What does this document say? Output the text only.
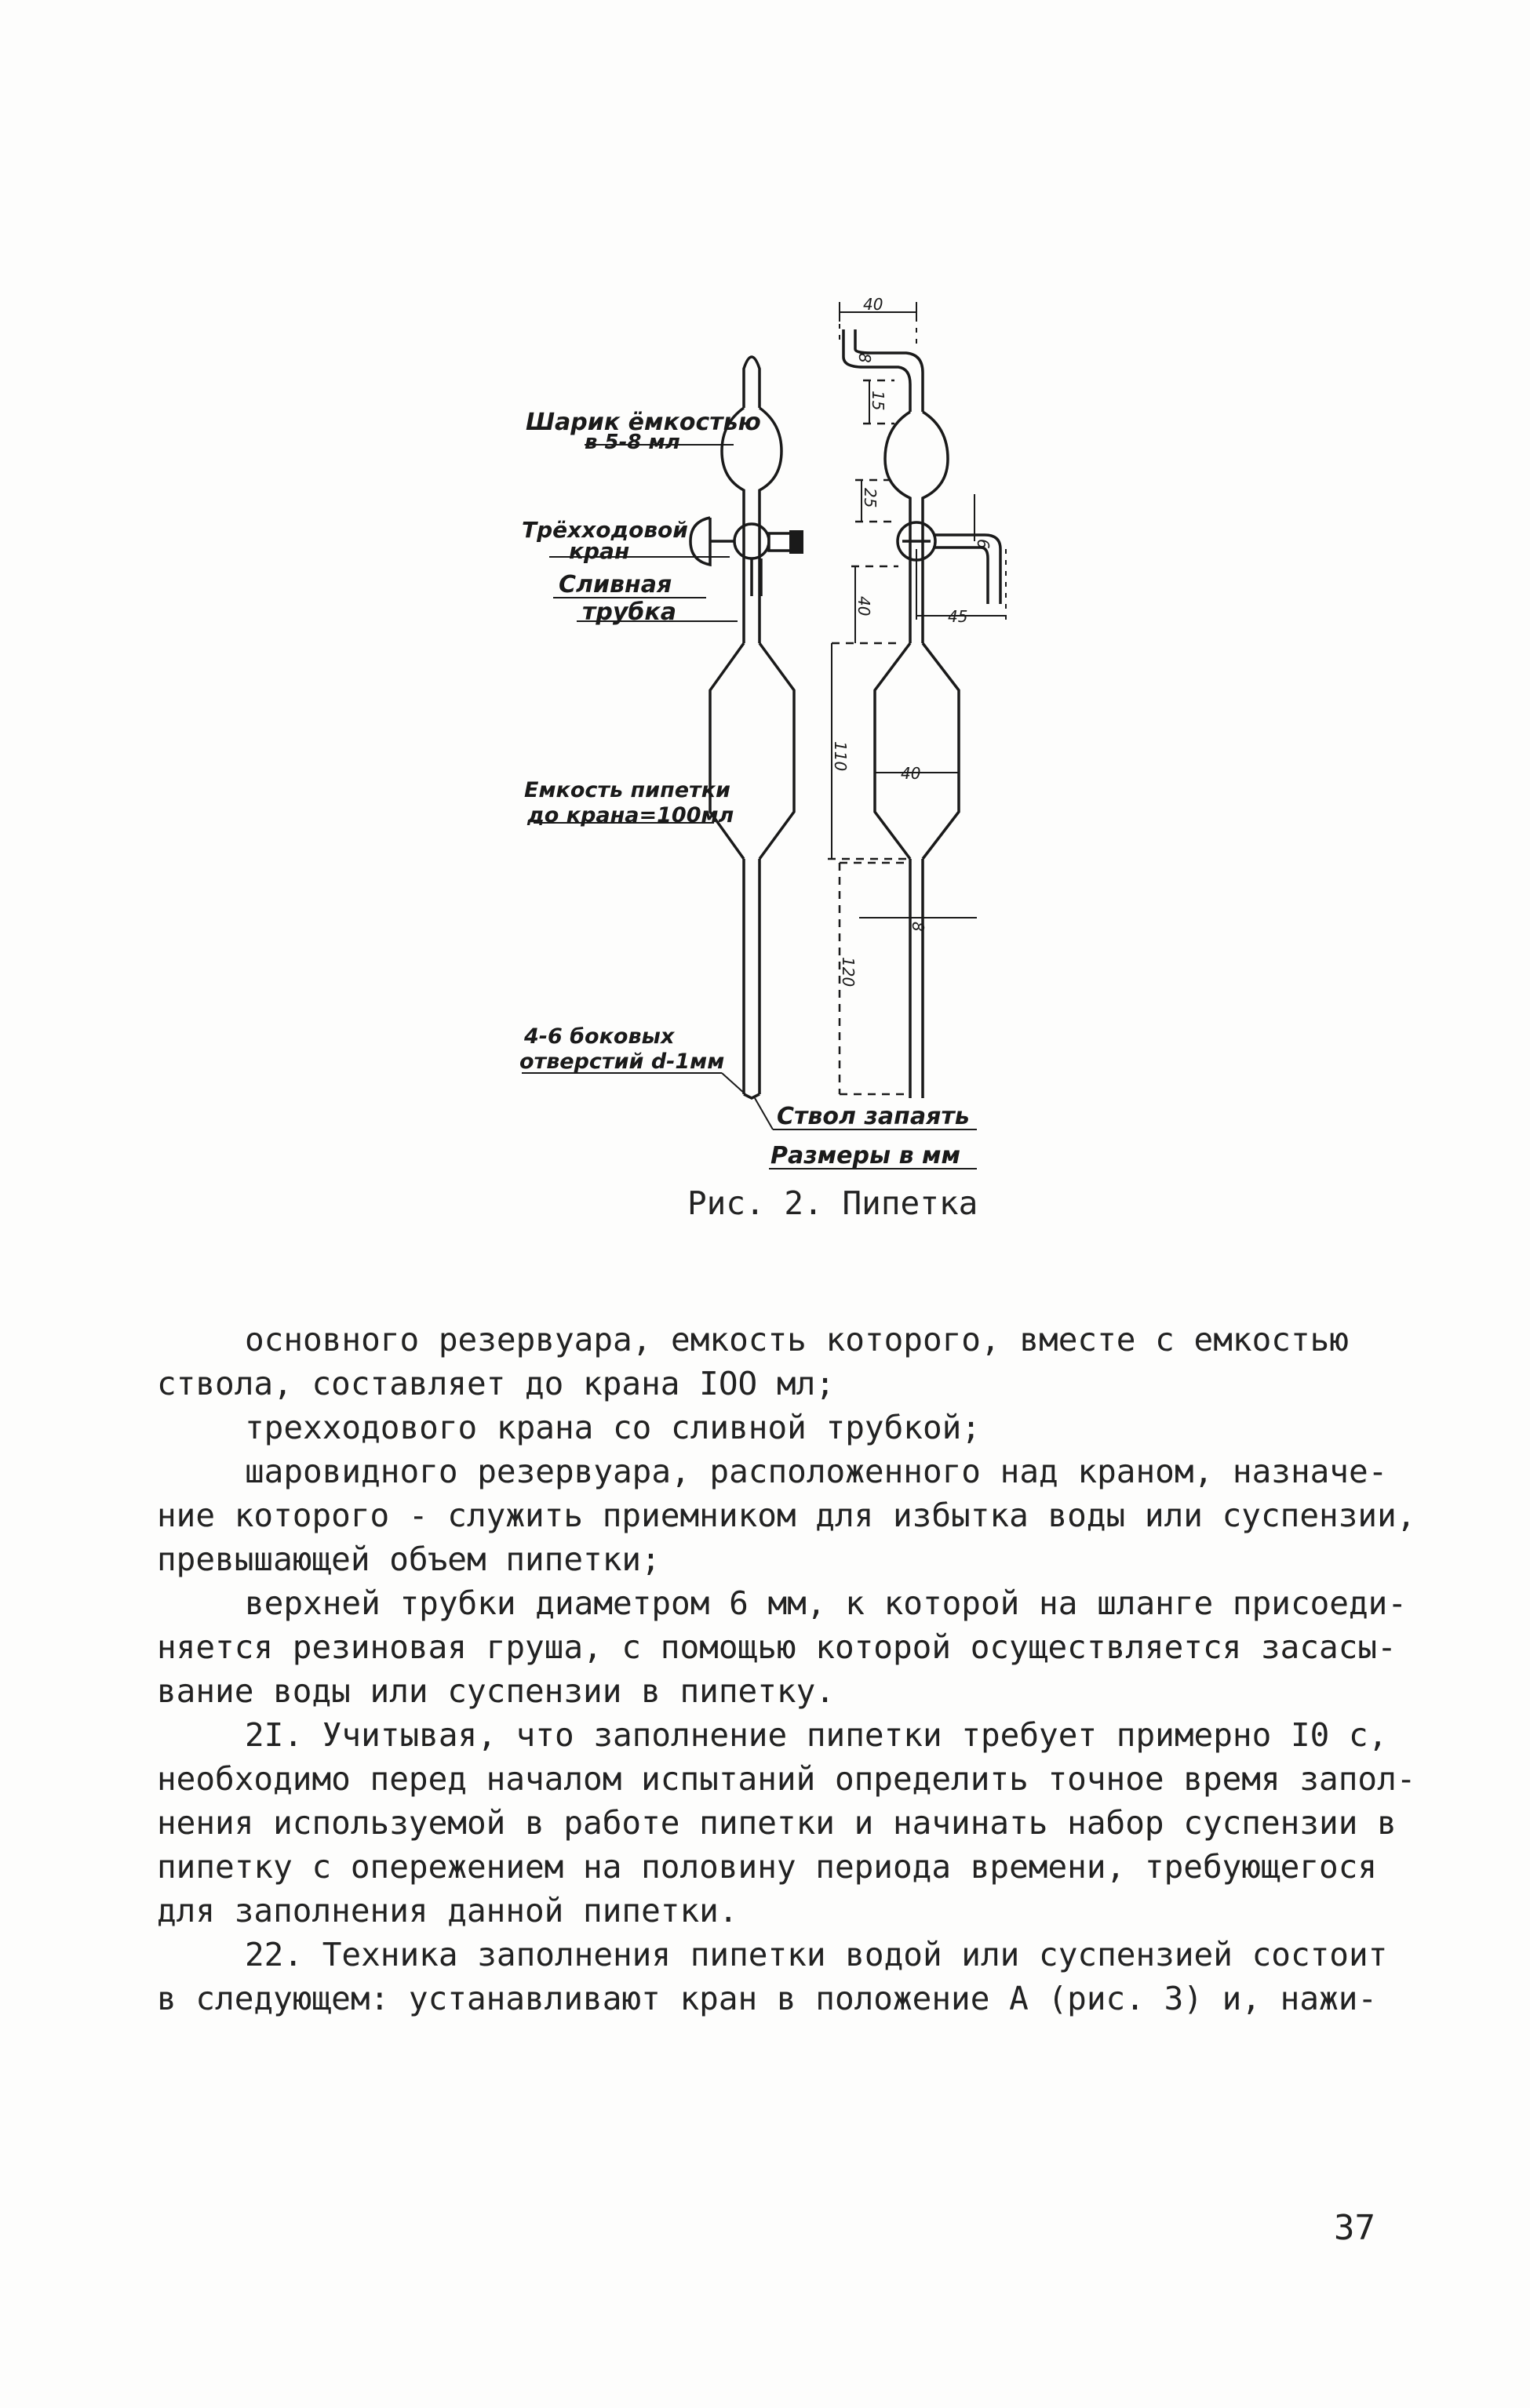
Шарик ёмкостью
в 5-8 мл
Трёхходовой
кран
Сливная
трубка
Емкость пипетки
до крана=100мл
4-6 боковых
отверстий d-1мм
Ствол запаять
Размеры в мм
40
8
15
25
40
45
6
110
40
120
8
Рис. 2. Пипетка

основного резервуара, емкость которого, вместе с емкостью

ствола, составляет до крана IOO мл;

трехходового крана со сливной трубкой;

шаровидного резервуара, расположенного над краном, назначе-

ние которого - служить приемником для избытка воды или суспензии,

превышающей объем пипетки;

верхней трубки диаметром 6 мм, к которой на шланге присоеди-

няется резиновая груша, с помощью которой осуществляется засасы-

вание воды или суспензии в пипетку.

2I. Учитывая, что заполнение пипетки требует примерно I0 с,

необходимо перед началом испытаний определить точное время запол-

нения используемой в работе пипетки и начинать набор суспензии в

пипетку с опережением на половину периода времени, требующегося

для заполнения данной пипетки.

22. Техника заполнения пипетки водой или суспензией состоит

в следующем: устанавливают кран в положение А (рис. 3) и, нажи-

37
